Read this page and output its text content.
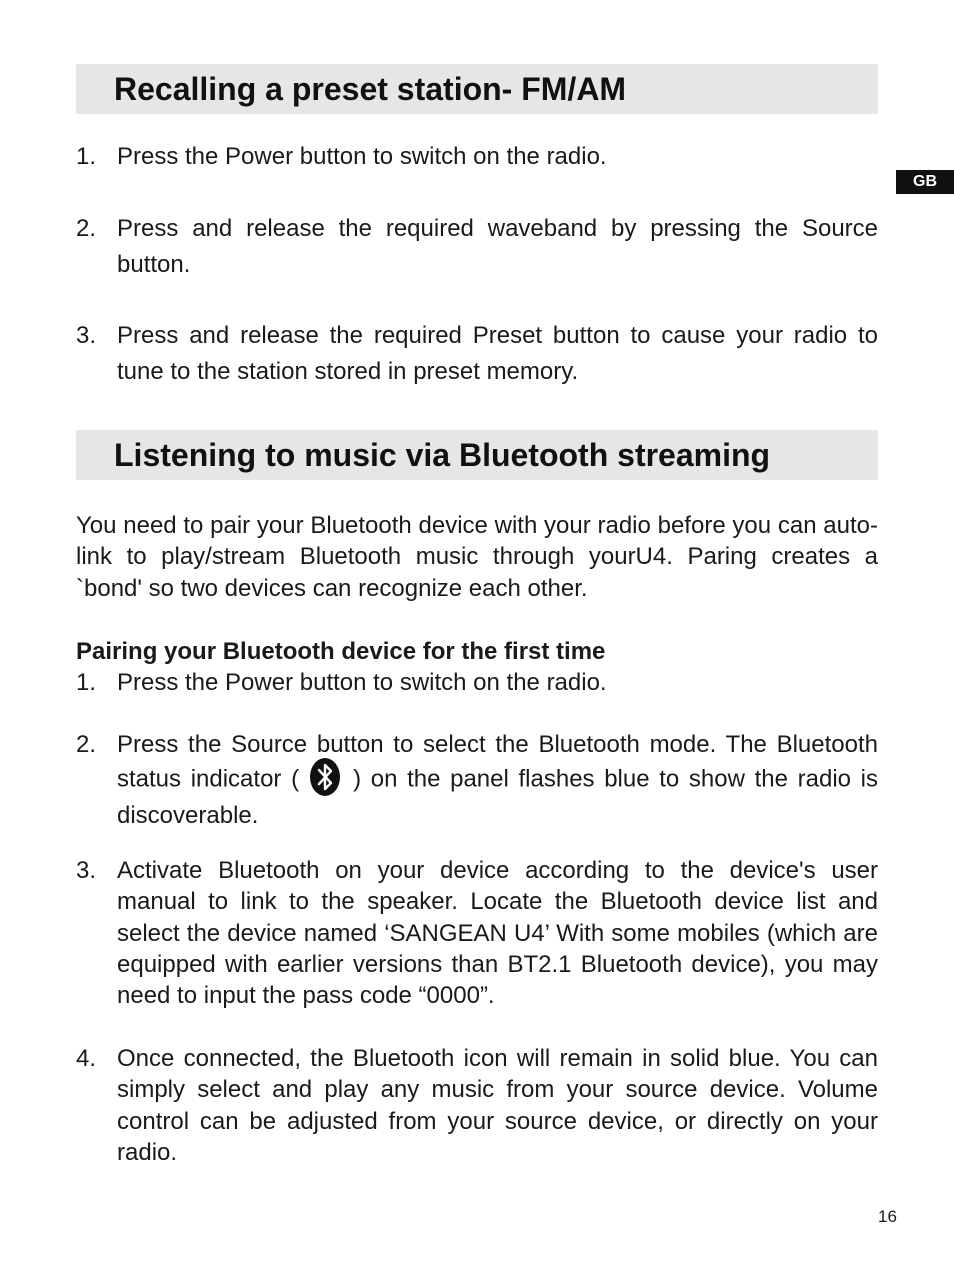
Recalling a preset station- FM/AM
GB
1. Press the Power button to switch on the radio.
2. Press and release the required waveband by pressing the Source button.
3. Press and release the required Preset button to cause your radio to tune to the station stored in preset memory.
Listening to music via Bluetooth streaming
You need to pair your Bluetooth device with your radio before you can auto-link to play/stream Bluetooth music through yourU4. Paring creates a `bond' so two devices can recognize each other.
Pairing your Bluetooth device for the first time
1. Press the Power button to switch on the radio.
2. Press the Source button to select the Bluetooth mode. The Bluetooth status indicator ( ) on the panel flashes blue to show the radio is discoverable.
3. Activate Bluetooth on your device according to the device's user manual to link to the speaker. Locate the Bluetooth device list and select the device named ‘SANGEAN U4’ With some mobiles (which are equipped with earlier versions than BT2.1 Bluetooth device), you may need to input the pass code “0000”.
4. Once connected, the Bluetooth icon will remain in solid blue. You can simply select and play any music from your source device. Volume control can be adjusted from your source device, or directly on your radio.
16
